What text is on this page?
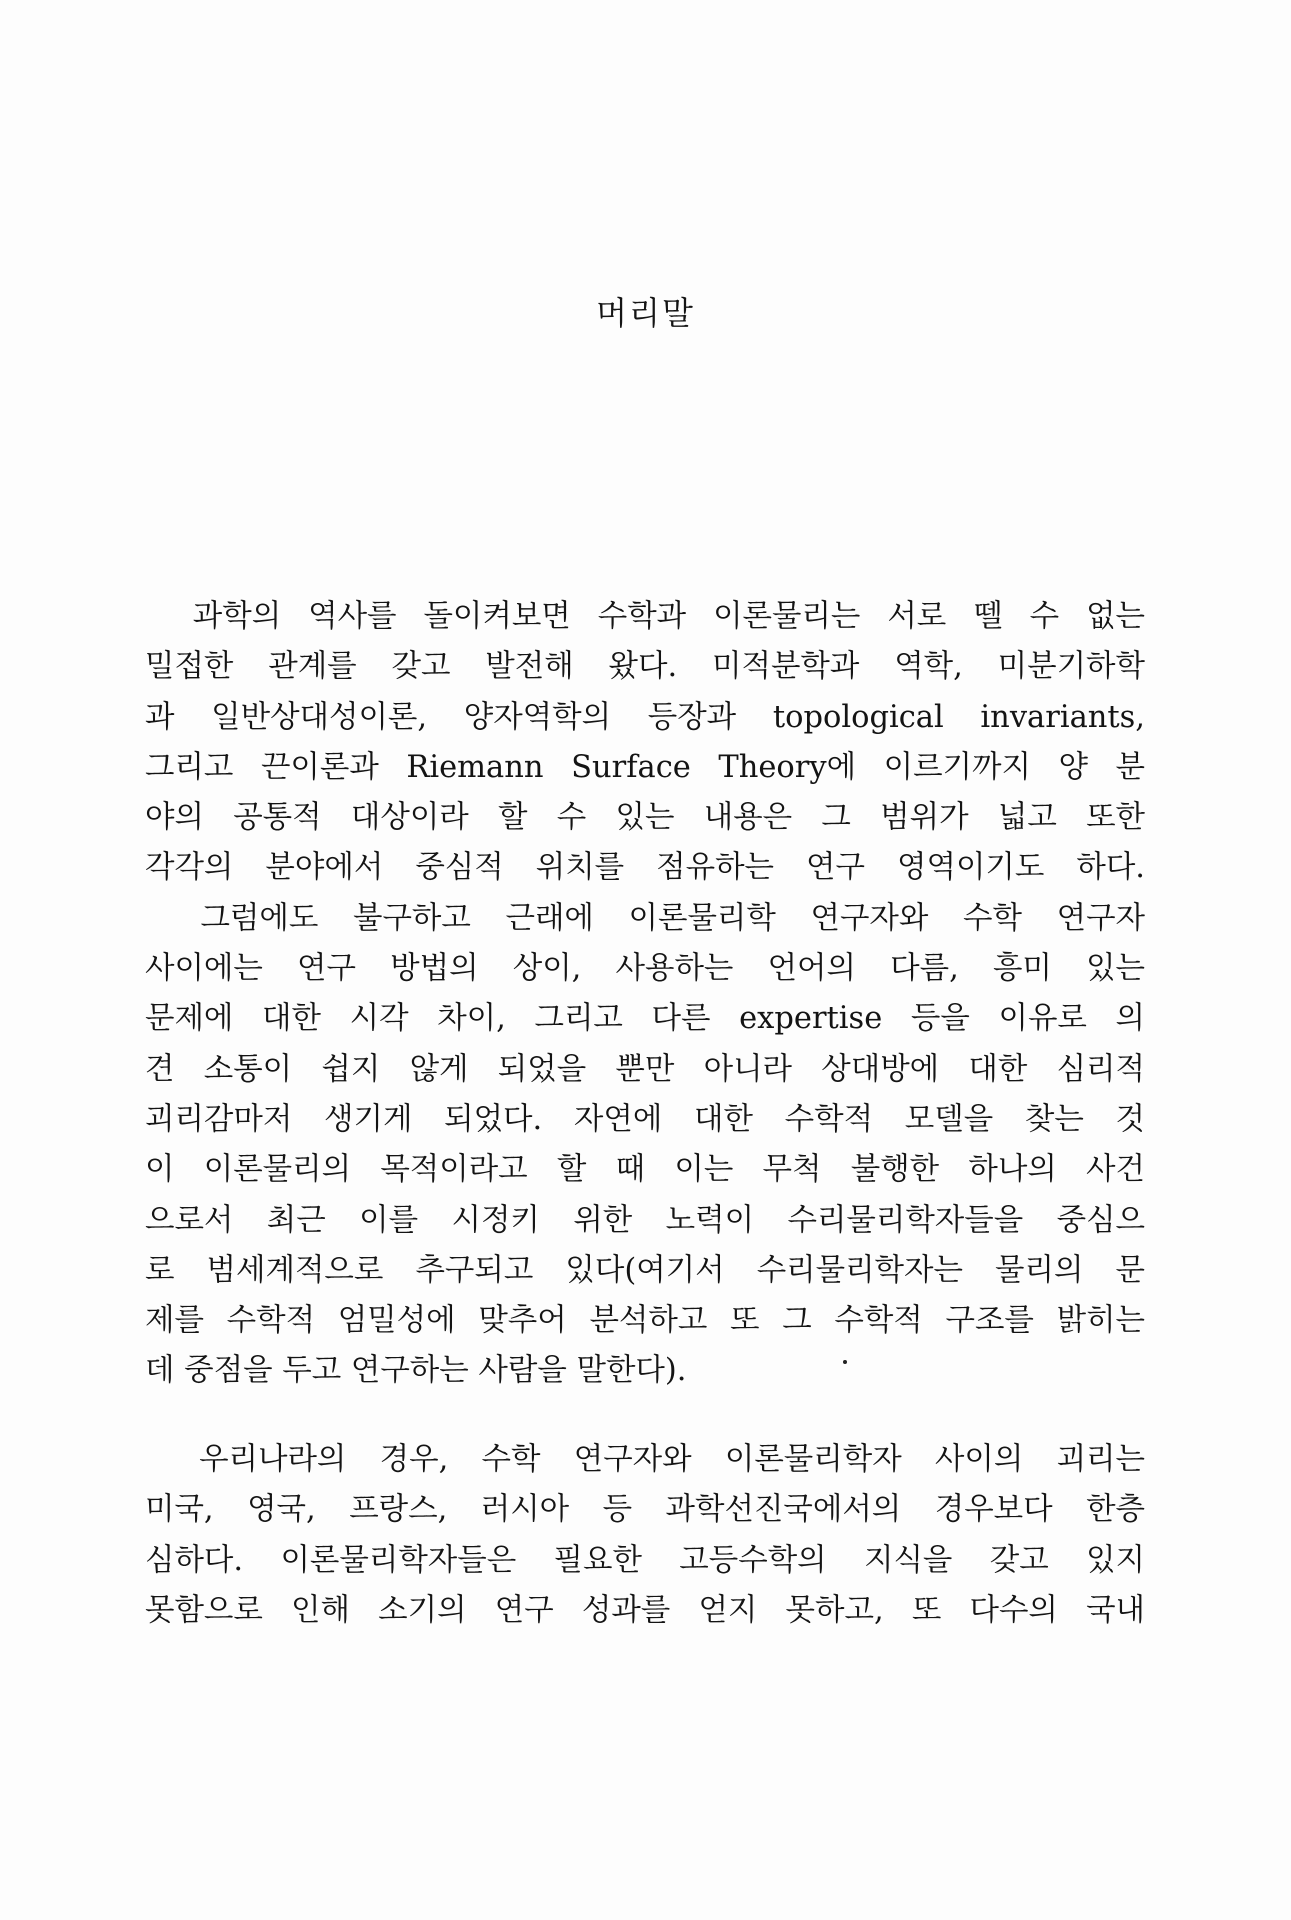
머리말
　과학의 역사를 돌이켜보면 수학과 이론물리는 서로 뗄 수 없는
밀접한 관계를 갖고 발전해 왔다. 미적분학과 역학, 미분기하학
과 일반상대성이론, 양자역학의 등장과 topological invariants,
그리고 끈이론과 Riemann Surface Theory에 이르기까지 양 분
야의 공통적 대상이라 할 수 있는 내용은 그 범위가 넓고 또한
각각의 분야에서 중심적 위치를 점유하는 연구 영역이기도 하다.
　그럼에도 불구하고 근래에 이론물리학 연구자와 수학 연구자
사이에는 연구 방법의 상이, 사용하는 언어의 다름, 흥미 있는
문제에 대한 시각 차이, 그리고 다른 expertise 등을 이유로 의
견 소통이 쉽지 않게 되었을 뿐만 아니라 상대방에 대한 심리적
괴리감마저 생기게 되었다. 자연에 대한 수학적 모델을 찾는 것
이 이론물리의 목적이라고 할 때 이는 무척 불행한 하나의 사건
으로서 최근 이를 시정키 위한 노력이 수리물리학자들을 중심으
로 범세계적으로 추구되고 있다(여기서 수리물리학자는 물리의 문
제를 수학적 엄밀성에 맞추어 분석하고 또 그 수학적 구조를 밝히는
데 중점을 두고 연구하는 사람을 말한다).
　우리나라의 경우, 수학 연구자와 이론물리학자 사이의 괴리는
미국, 영국, 프랑스, 러시아 등 과학선진국에서의 경우보다 한층
심하다. 이론물리학자들은 필요한 고등수학의 지식을 갖고 있지
못함으로 인해 소기의 연구 성과를 얻지 못하고, 또 다수의 국내
